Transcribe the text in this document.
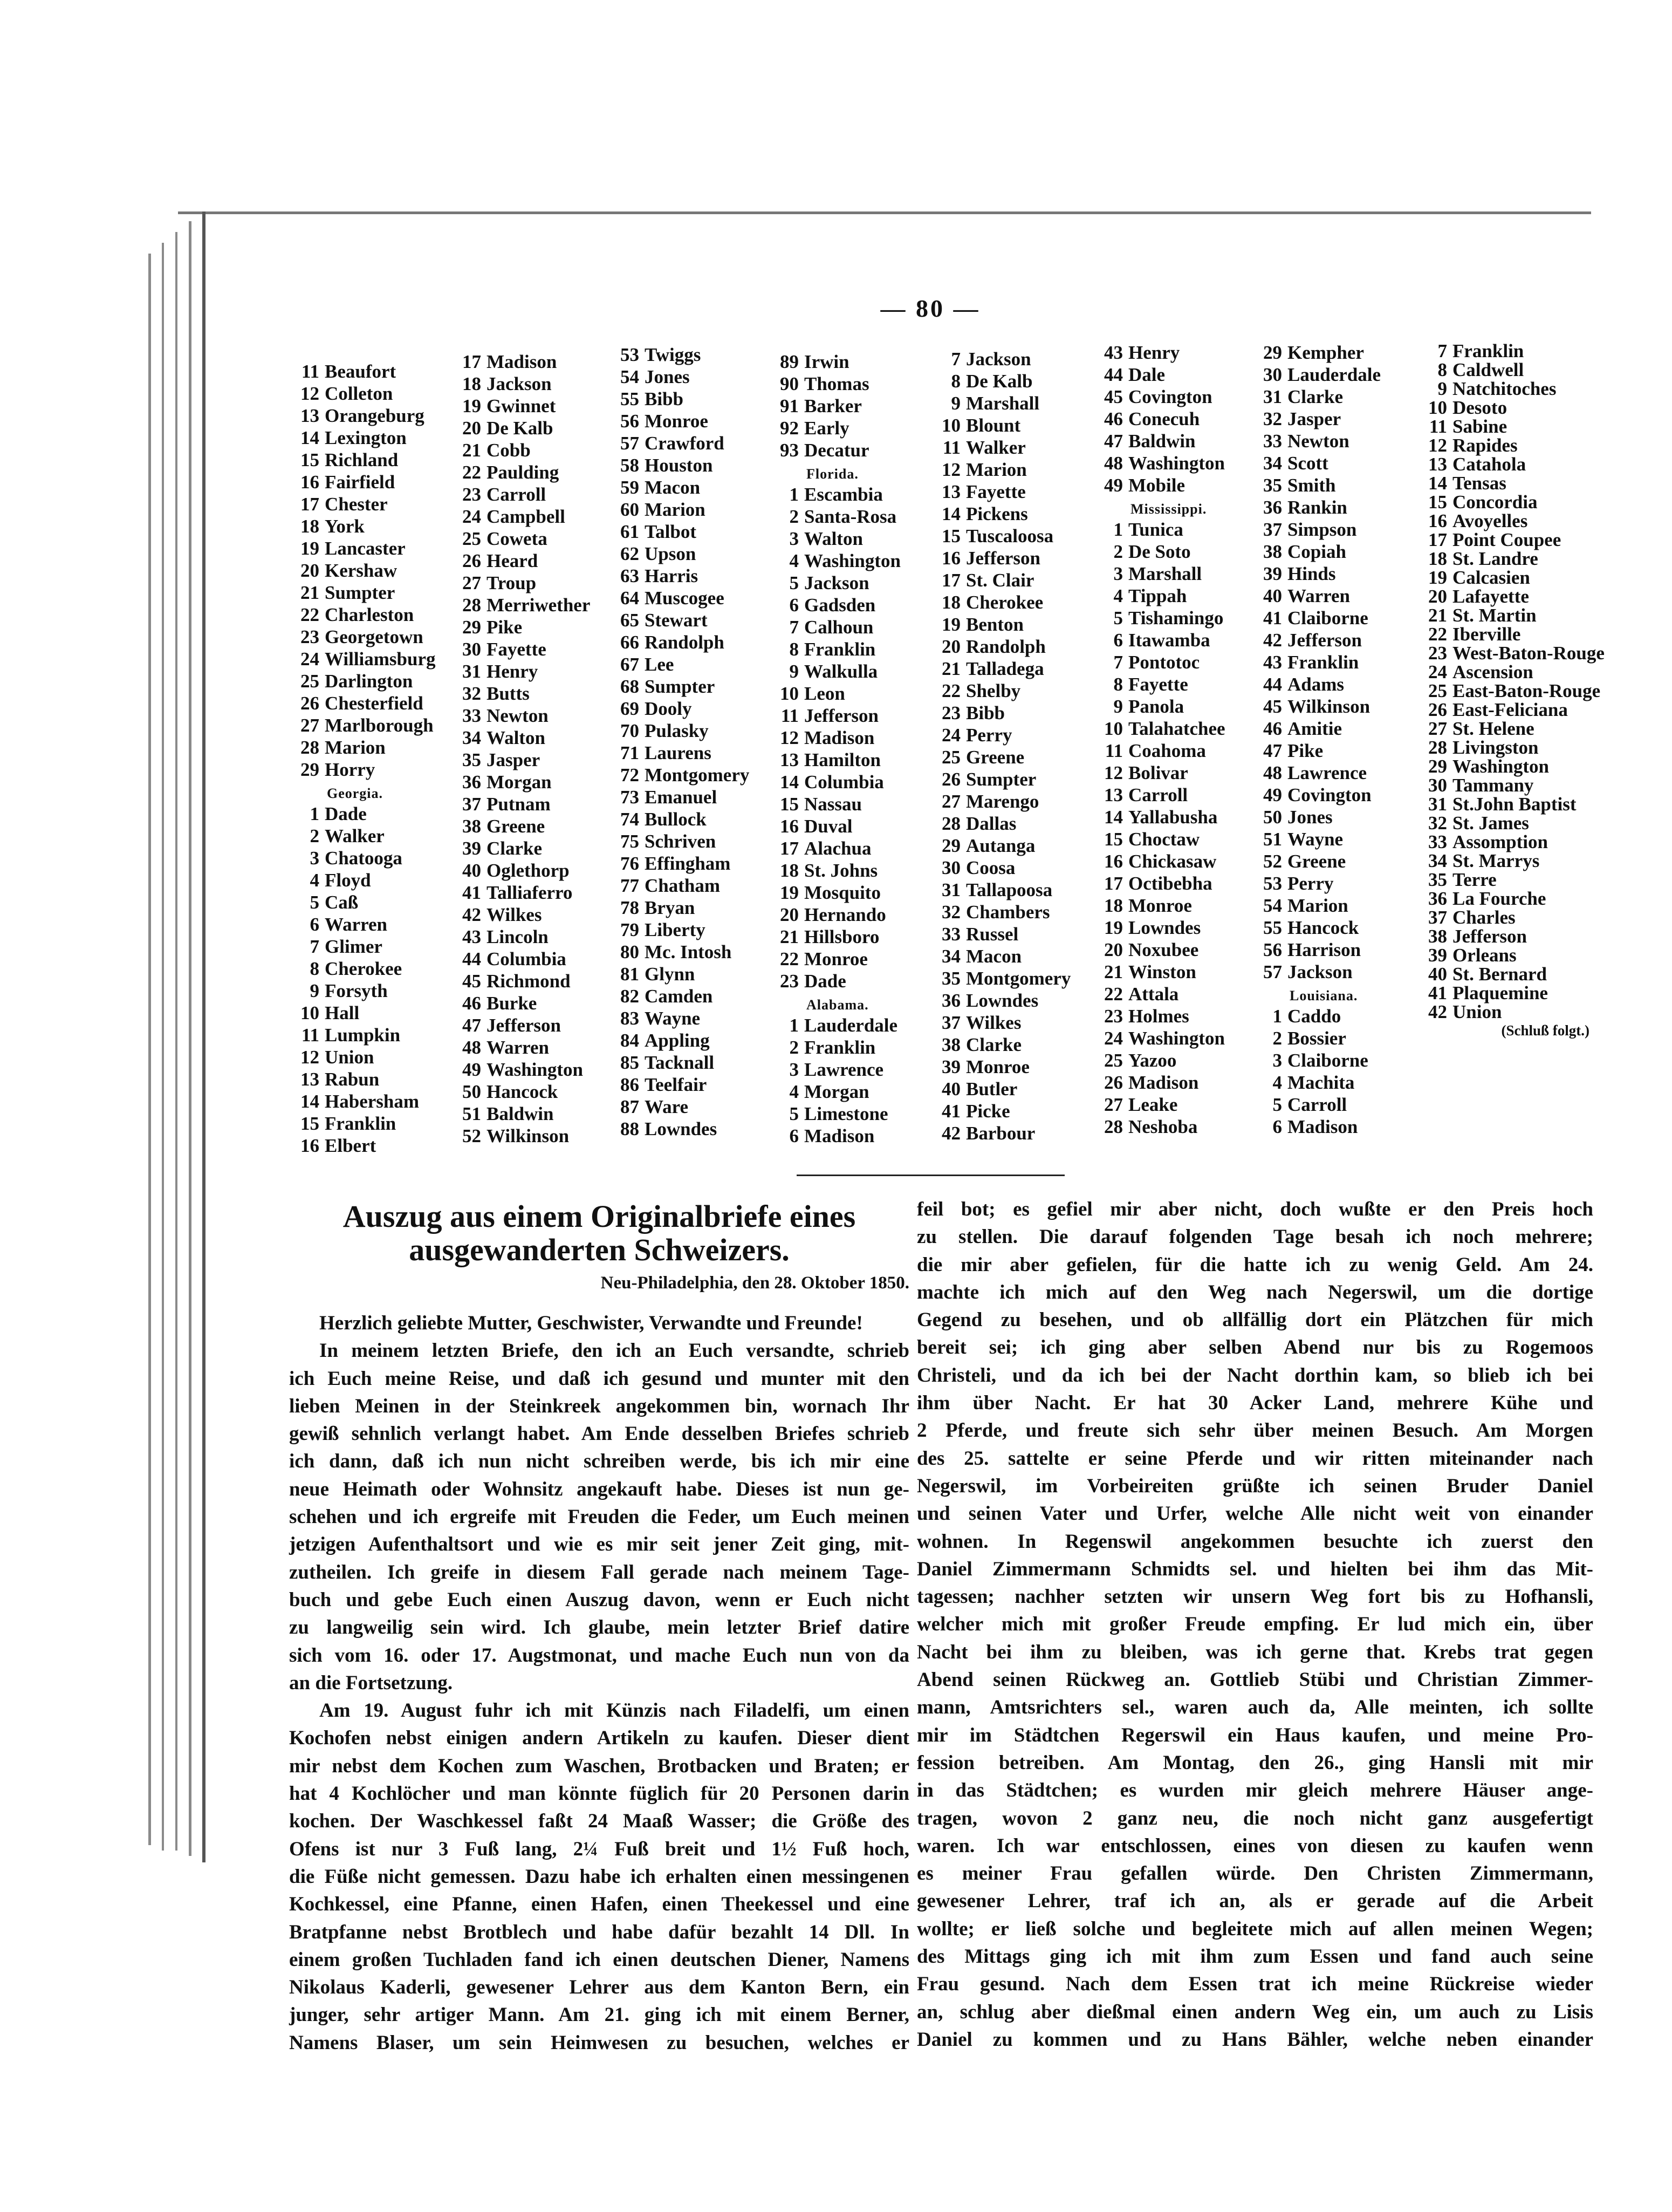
— 80 —
11 Beaufort
12 Colleton
13 Orangeburg
14 Lexington
15 Richland
16 Fairfield
17 Chester
18 York
19 Lancaster
20 Kershaw
21 Sumpter
22 Charleston
23 Georgetown
24 Williamsburg
25 Darlington
26 Chesterfield
27 Marlborough
28 Marion
29 Horry
Georgia.
1 Dade
2 Walker
3 Chatooga
4 Floyd
5 Caß
6 Warren
7 Glimer
8 Cherokee
9 Forsyth
10 Hall
11 Lumpkin
12 Union
13 Rabun
14 Habersham
15 Franklin
16 Elbert
17 Madison
18 Jackson
19 Gwinnet
20 De Kalb
21 Cobb
22 Paulding
23 Carroll
24 Campbell
25 Coweta
26 Heard
27 Troup
28 Merriwether
29 Pike
30 Fayette
31 Henry
32 Butts
33 Newton
34 Walton
35 Jasper
36 Morgan
37 Putnam
38 Greene
39 Clarke
40 Oglethorp
41 Talliaferro
42 Wilkes
43 Lincoln
44 Columbia
45 Richmond
46 Burke
47 Jefferson
48 Warren
49 Washington
50 Hancock
51 Baldwin
52 Wilkinson
53 Twiggs
54 Jones
55 Bibb
56 Monroe
57 Crawford
58 Houston
59 Macon
60 Marion
61 Talbot
62 Upson
63 Harris
64 Muscogee
65 Stewart
66 Randolph
67 Lee
68 Sumpter
69 Dooly
70 Pulasky
71 Laurens
72 Montgomery
73 Emanuel
74 Bullock
75 Schriven
76 Effingham
77 Chatham
78 Bryan
79 Liberty
80 Mc. Intosh
81 Glynn
82 Camden
83 Wayne
84 Appling
85 Tacknall
86 Teelfair
87 Ware
88 Lowndes
89 Irwin
90 Thomas
91 Barker
92 Early
93 Decatur
Florida.
1 Escambia
2 Santa-Rosa
3 Walton
4 Washington
5 Jackson
6 Gadsden
7 Calhoun
8 Franklin
9 Walkulla
10 Leon
11 Jefferson
12 Madison
13 Hamilton
14 Columbia
15 Nassau
16 Duval
17 Alachua
18 St. Johns
19 Mosquito
20 Hernando
21 Hillsboro
22 Monroe
23 Dade
Alabama.
1 Lauderdale
2 Franklin
3 Lawrence
4 Morgan
5 Limestone
6 Madison
7 Jackson
8 De Kalb
9 Marshall
10 Blount
11 Walker
12 Marion
13 Fayette
14 Pickens
15 Tuscaloosa
16 Jefferson
17 St. Clair
18 Cherokee
19 Benton
20 Randolph
21 Talladega
22 Shelby
23 Bibb
24 Perry
25 Greene
26 Sumpter
27 Marengo
28 Dallas
29 Autanga
30 Coosa
31 Tallapoosa
32 Chambers
33 Russel
34 Macon
35 Montgomery
36 Lowndes
37 Wilkes
38 Clarke
39 Monroe
40 Butler
41 Picke
42 Barbour
43 Henry
44 Dale
45 Covington
46 Conecuh
47 Baldwin
48 Washington
49 Mobile
Mississippi.
1 Tunica
2 De Soto
3 Marshall
4 Tippah
5 Tishamingo
6 Itawamba
7 Pontotoc
8 Fayette
9 Panola
10 Talahatchee
11 Coahoma
12 Bolivar
13 Carroll
14 Yallabusha
15 Choctaw
16 Chickasaw
17 Octibebha
18 Monroe
19 Lowndes
20 Noxubee
21 Winston
22 Attala
23 Holmes
24 Washington
25 Yazoo
26 Madison
27 Leake
28 Neshoba
29 Kempher
30 Lauderdale
31 Clarke
32 Jasper
33 Newton
34 Scott
35 Smith
36 Rankin
37 Simpson
38 Copiah
39 Hinds
40 Warren
41 Claiborne
42 Jefferson
43 Franklin
44 Adams
45 Wilkinson
46 Amitie
47 Pike
48 Lawrence
49 Covington
50 Jones
51 Wayne
52 Greene
53 Perry
54 Marion
55 Hancock
56 Harrison
57 Jackson
Louisiana.
1 Caddo
2 Bossier
3 Claiborne
4 Machita
5 Carroll
6 Madison
7 Franklin
8 Caldwell
9 Natchitoches
10 Desoto
11 Sabine
12 Rapides
13 Catahola
14 Tensas
15 Concordia
16 Avoyelles
17 Point Coupee
18 St. Landre
19 Calcasien
20 Lafayette
21 St. Martin
22 Iberville
23 West-Baton-Rouge
24 Ascension
25 East-Baton-Rouge
26 East-Feliciana
27 St. Helene
28 Livingston
29 Washington
30 Tammany
31 St.John Baptist
32 St. James
33 Assomption
34 St. Marrys
35 Terre
36 La Fourche
37 Charles
38 Jefferson
39 Orleans
40 St. Bernard
41 Plaquemine
42 Union
(Schluß folgt.)
Auszug aus einem Originalbriefe eines
ausgewanderten Schweizers.
Neu-Philadelphia, den 28. Oktober 1850.
Herzlich geliebte Mutter, Geschwister, Verwandte und Freunde!
In meinem letzten Briefe, den ich an Euch versandte, schrieb
ich Euch meine Reise, und daß ich gesund und munter mit den
lieben Meinen in der Steinkreek angekommen bin, wornach Ihr
gewiß sehnlich verlangt habet. Am Ende desselben Briefes schrieb
ich dann, daß ich nun nicht schreiben werde, bis ich mir eine
neue Heimath oder Wohnsitz angekauft habe. Dieses ist nun ge-
schehen und ich ergreife mit Freuden die Feder, um Euch meinen
jetzigen Aufenthaltsort und wie es mir seit jener Zeit ging, mit-
zutheilen. Ich greife in diesem Fall gerade nach meinem Tage-
buch und gebe Euch einen Auszug davon, wenn er Euch nicht
zu langweilig sein wird. Ich glaube, mein letzter Brief datire
sich vom 16. oder 17. Augstmonat, und mache Euch nun von da
an die Fortsetzung.
Am 19. August fuhr ich mit Künzis nach Filadelfi, um einen
Kochofen nebst einigen andern Artikeln zu kaufen. Dieser dient
mir nebst dem Kochen zum Waschen, Brotbacken und Braten; er
hat 4 Kochlöcher und man könnte füglich für 20 Personen darin
kochen. Der Waschkessel faßt 24 Maaß Wasser; die Größe des
Ofens ist nur 3 Fuß lang, 2¼ Fuß breit und 1½ Fuß hoch,
die Füße nicht gemessen. Dazu habe ich erhalten einen messingenen
Kochkessel, eine Pfanne, einen Hafen, einen Theekessel und eine
Bratpfanne nebst Brotblech und habe dafür bezahlt 14 Dll. In
einem großen Tuchladen fand ich einen deutschen Diener, Namens
Nikolaus Kaderli, gewesener Lehrer aus dem Kanton Bern, ein
junger, sehr artiger Mann. Am 21. ging ich mit einem Berner,
Namens Blaser, um sein Heimwesen zu besuchen, welches er
feil bot; es gefiel mir aber nicht, doch wußte er den Preis hoch
zu stellen. Die darauf folgenden Tage besah ich noch mehrere;
die mir aber gefielen, für die hatte ich zu wenig Geld. Am 24.
machte ich mich auf den Weg nach Negerswil, um die dortige
Gegend zu besehen, und ob allfällig dort ein Plätzchen für mich
bereit sei; ich ging aber selben Abend nur bis zu Rogemoos
Christeli, und da ich bei der Nacht dorthin kam, so blieb ich bei
ihm über Nacht. Er hat 30 Acker Land, mehrere Kühe und
2 Pferde, und freute sich sehr über meinen Besuch. Am Morgen
des 25. sattelte er seine Pferde und wir ritten miteinander nach
Negerswil, im Vorbeireiten grüßte ich seinen Bruder Daniel
und seinen Vater und Urfer, welche Alle nicht weit von einander
wohnen. In Regenswil angekommen besuchte ich zuerst den
Daniel Zimmermann Schmidts sel. und hielten bei ihm das Mit-
tagessen; nachher setzten wir unsern Weg fort bis zu Hofhansli,
welcher mich mit großer Freude empfing. Er lud mich ein, über
Nacht bei ihm zu bleiben, was ich gerne that. Krebs trat gegen
Abend seinen Rückweg an. Gottlieb Stübi und Christian Zimmer-
mann, Amtsrichters sel., waren auch da, Alle meinten, ich sollte
mir im Städtchen Regerswil ein Haus kaufen, und meine Pro-
fession betreiben. Am Montag, den 26., ging Hansli mit mir
in das Städtchen; es wurden mir gleich mehrere Häuser ange-
tragen, wovon 2 ganz neu, die noch nicht ganz ausgefertigt
waren. Ich war entschlossen, eines von diesen zu kaufen wenn
es meiner Frau gefallen würde. Den Christen Zimmermann,
gewesener Lehrer, traf ich an, als er gerade auf die Arbeit
wollte; er ließ solche und begleitete mich auf allen meinen Wegen;
des Mittags ging ich mit ihm zum Essen und fand auch seine
Frau gesund. Nach dem Essen trat ich meine Rückreise wieder
an, schlug aber dießmal einen andern Weg ein, um auch zu Lisis
Daniel zu kommen und zu Hans Bähler, welche neben einander
